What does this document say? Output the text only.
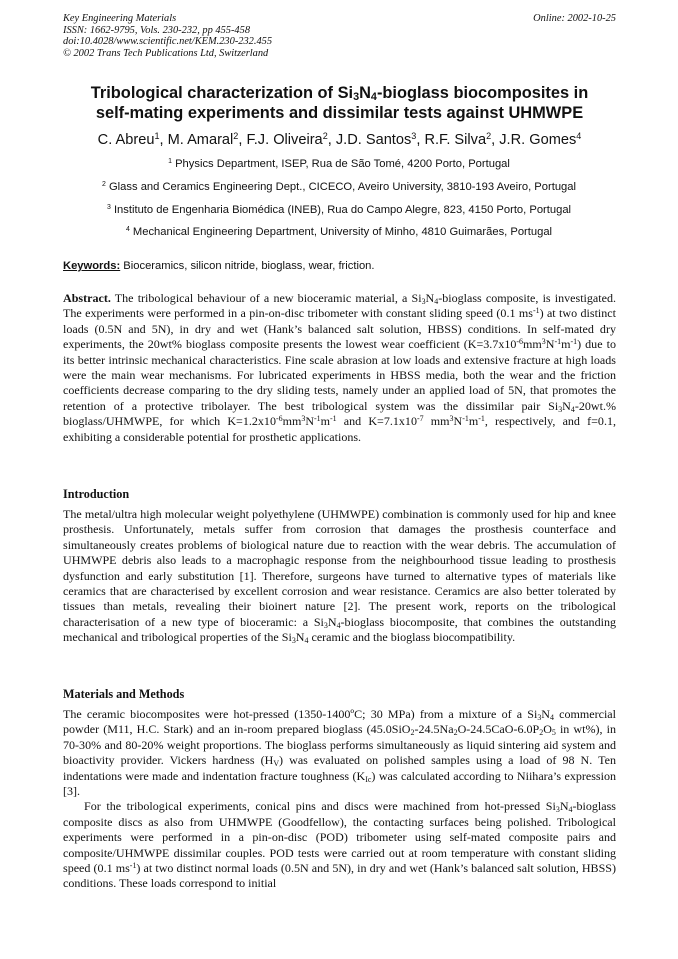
Key Engineering Materials
ISSN: 1662-9795, Vols. 230-232, pp 455-458
doi:10.4028/www.scientific.net/KEM.230-232.455
© 2002 Trans Tech Publications Ltd, Switzerland
Online: 2002-10-25
Tribological characterization of $Si_3N_4$-bioglass biocomposites in
self-mating experiments and dissimilar tests against UHMWPE
C. Abreu$^1$, M. Amaral$^2$, F.J. Oliveira$^2$, J.D. Santos$^3$, R.F. Silva$^2$, J.R. Gomes$^4$
$^1$ Physics Department, ISEP, Rua de São Tomé, 4200 Porto, Portugal
$^2$ Glass and Ceramics Engineering Dept., CICECO, Aveiro University, 3810-193 Aveiro, Portugal
$^3$ Instituto de Engenharia Biomédica (INEB), Rua do Campo Alegre, 823, 4150 Porto, Portugal
$^4$ Mechanical Engineering Department, University of Minho, 4810 Guimarães, Portugal
Keywords: Bioceramics, silicon nitride, bioglass, wear, friction.
Abstract. The tribological behaviour of a new bioceramic material, a $Si_3N_4$-bioglass composite, is investigated. The experiments were performed in a pin-on-disc tribometer with constant sliding speed (0.1 $ms^{-1}$) at two distinct loads (0.5N and 5N), in dry and wet (Hank’s balanced salt solution, HBSS) conditions. In self-mated dry experiments, the 20wt% bioglass composite presents the lowest wear coefficient $(K=3.7x10^{-6}mm^3N^{-1}m^{-1})$ due to its better intrinsic mechanical characteristics. Fine scale abrasion at low loads and extensive fracture at high loads were the main wear mechanisms. For lubricated experiments in HBSS media, both the wear and the friction coefficients decrease comparing to the dry sliding tests, namely under an applied load of 5N, that promotes the retention of a protective tribolayer. The best tribological system was the dissimilar pair $Si_3N_4-20wt.\%$ bioglass/UHMWPE, for which $K=1.2x10^{-6}mm^3N^{-1}m^{-1}$ and $K=7.1x10^{-7}$ $mm^3N^{-1}m^{-1}$, respectively, and f=0.1, exhibiting a considerable potential for prosthetic applications.
Introduction
The metal/ultra high molecular weight polyethylene (UHMWPE) combination is commonly used for hip and knee prosthesis. Unfortunately, metals suffer from corrosion that damages the prosthesis counterface and simultaneously creates problems of biological nature due to reaction with the wear debris. The accumulation of UHMWPE debris also leads to a macrophagic response from the neighbourhood tissue leading to prosthesis dysfunction and early substitution [1]. Therefore, surgeons have turned to alternative types of materials like ceramics that are characterised by excellent corrosion and wear resistance. Ceramics are also better tolerated by tissues than metals, revealing their bioinert nature [2]. The present work, reports on the tribological characterisation of a new type of bioceramic: a $Si_3N_4$-bioglass biocomposite, that combines the outstanding mechanical and tribological properties of the $Si_3N_4$ ceramic and the bioglass biocompatibility.
Materials and Methods

The ceramic biocomposites were hot-pressed (1350-1400ºC; 30 MPa) from a mixture of a $Si_3N_4$ commercial powder (M11, H.C. Stark) and an in-room prepared bioglass ($45.0SiO_2-24.5Na_2O-24.5CaO-6.0P_2O_5$ in wt%), in 70-30% and 80-20% weight proportions. The bioglass performs simultaneously as liquid sintering aid system and bioactivity provider. Vickers hardness $(H_V)$ was evaluated on polished samples using a load of 98 N. Ten indentations were made and indentation fracture toughness $(K_{Ic})$ was calculated according to Niihara’s expression [3].

For the tribological experiments, conical pins and discs were machined from hot-pressed $Si_3N_4$-bioglass composite discs as also from UHMWPE (Goodfellow), the contacting surfaces being polished. Tribological experiments were performed in a pin-on-disc (POD) tribometer using self-mated composite pairs and composite/UHMWPE dissimilar couples. POD tests were carried out at room temperature with constant sliding speed (0.1 $ms^{-1}$) at two distinct normal loads (0.5N and 5N), in dry and wet (Hank’s balanced salt solution, HBSS) conditions. These loads correspond to initial
